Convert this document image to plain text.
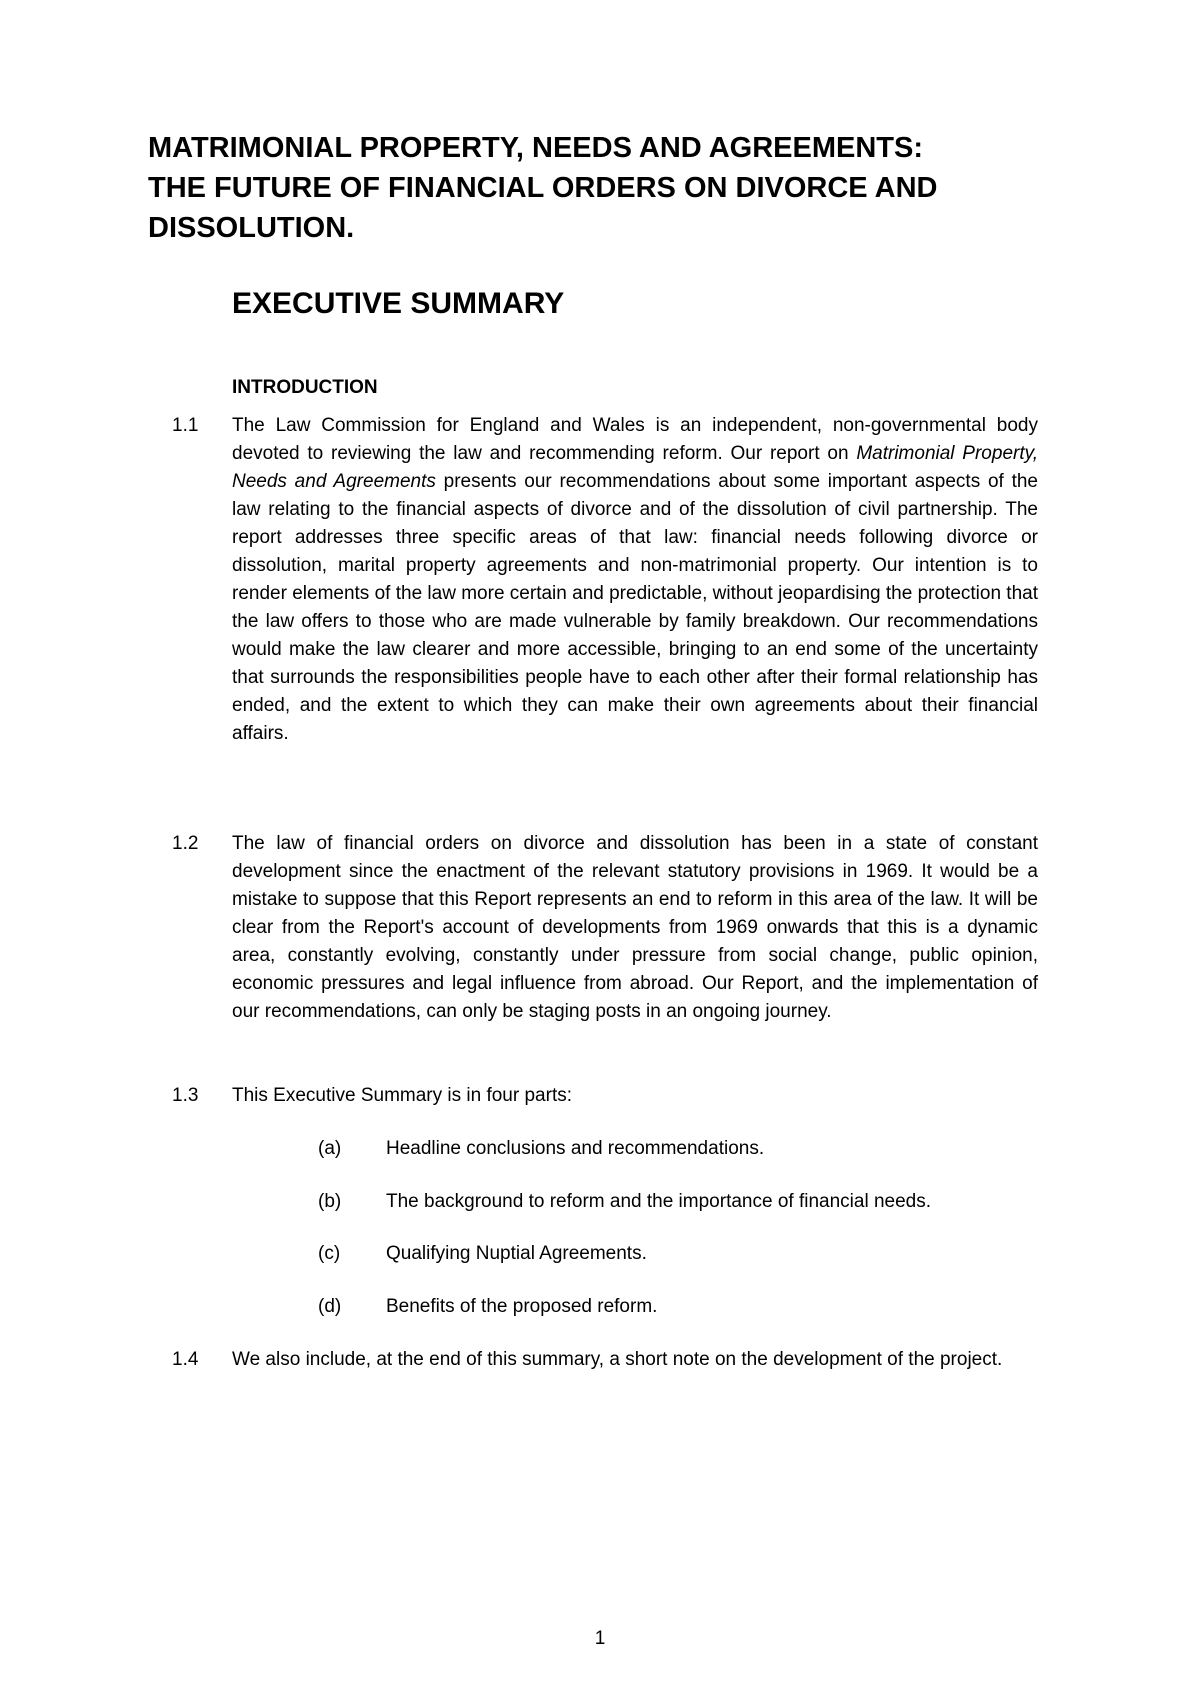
MATRIMONIAL PROPERTY, NEEDS AND AGREEMENTS: THE FUTURE OF FINANCIAL ORDERS ON DIVORCE AND DISSOLUTION.
EXECUTIVE SUMMARY
INTRODUCTION
1.1 The Law Commission for England and Wales is an independent, non-governmental body devoted to reviewing the law and recommending reform. Our report on Matrimonial Property, Needs and Agreements presents our recommendations about some important aspects of the law relating to the financial aspects of divorce and of the dissolution of civil partnership. The report addresses three specific areas of that law: financial needs following divorce or dissolution, marital property agreements and non-matrimonial property. Our intention is to render elements of the law more certain and predictable, without jeopardising the protection that the law offers to those who are made vulnerable by family breakdown. Our recommendations would make the law clearer and more accessible, bringing to an end some of the uncertainty that surrounds the responsibilities people have to each other after their formal relationship has ended, and the extent to which they can make their own agreements about their financial affairs.

1.2 The law of financial orders on divorce and dissolution has been in a state of constant development since the enactment of the relevant statutory provisions in 1969. It would be a mistake to suppose that this Report represents an end to reform in this area of the law. It will be clear from the Report's account of developments from 1969 onwards that this is a dynamic area, constantly evolving, constantly under pressure from social change, public opinion, economic pressures and legal influence from abroad. Our Report, and the implementation of our recommendations, can only be staging posts in an ongoing journey.

1.3 This Executive Summary is in four parts:

(a) Headline conclusions and recommendations.
(b) The background to reform and the importance of financial needs.
(c) Qualifying Nuptial Agreements.
(d) Benefits of the proposed reform.
1.4 We also include, at the end of this summary, a short note on the development of the project.

1
